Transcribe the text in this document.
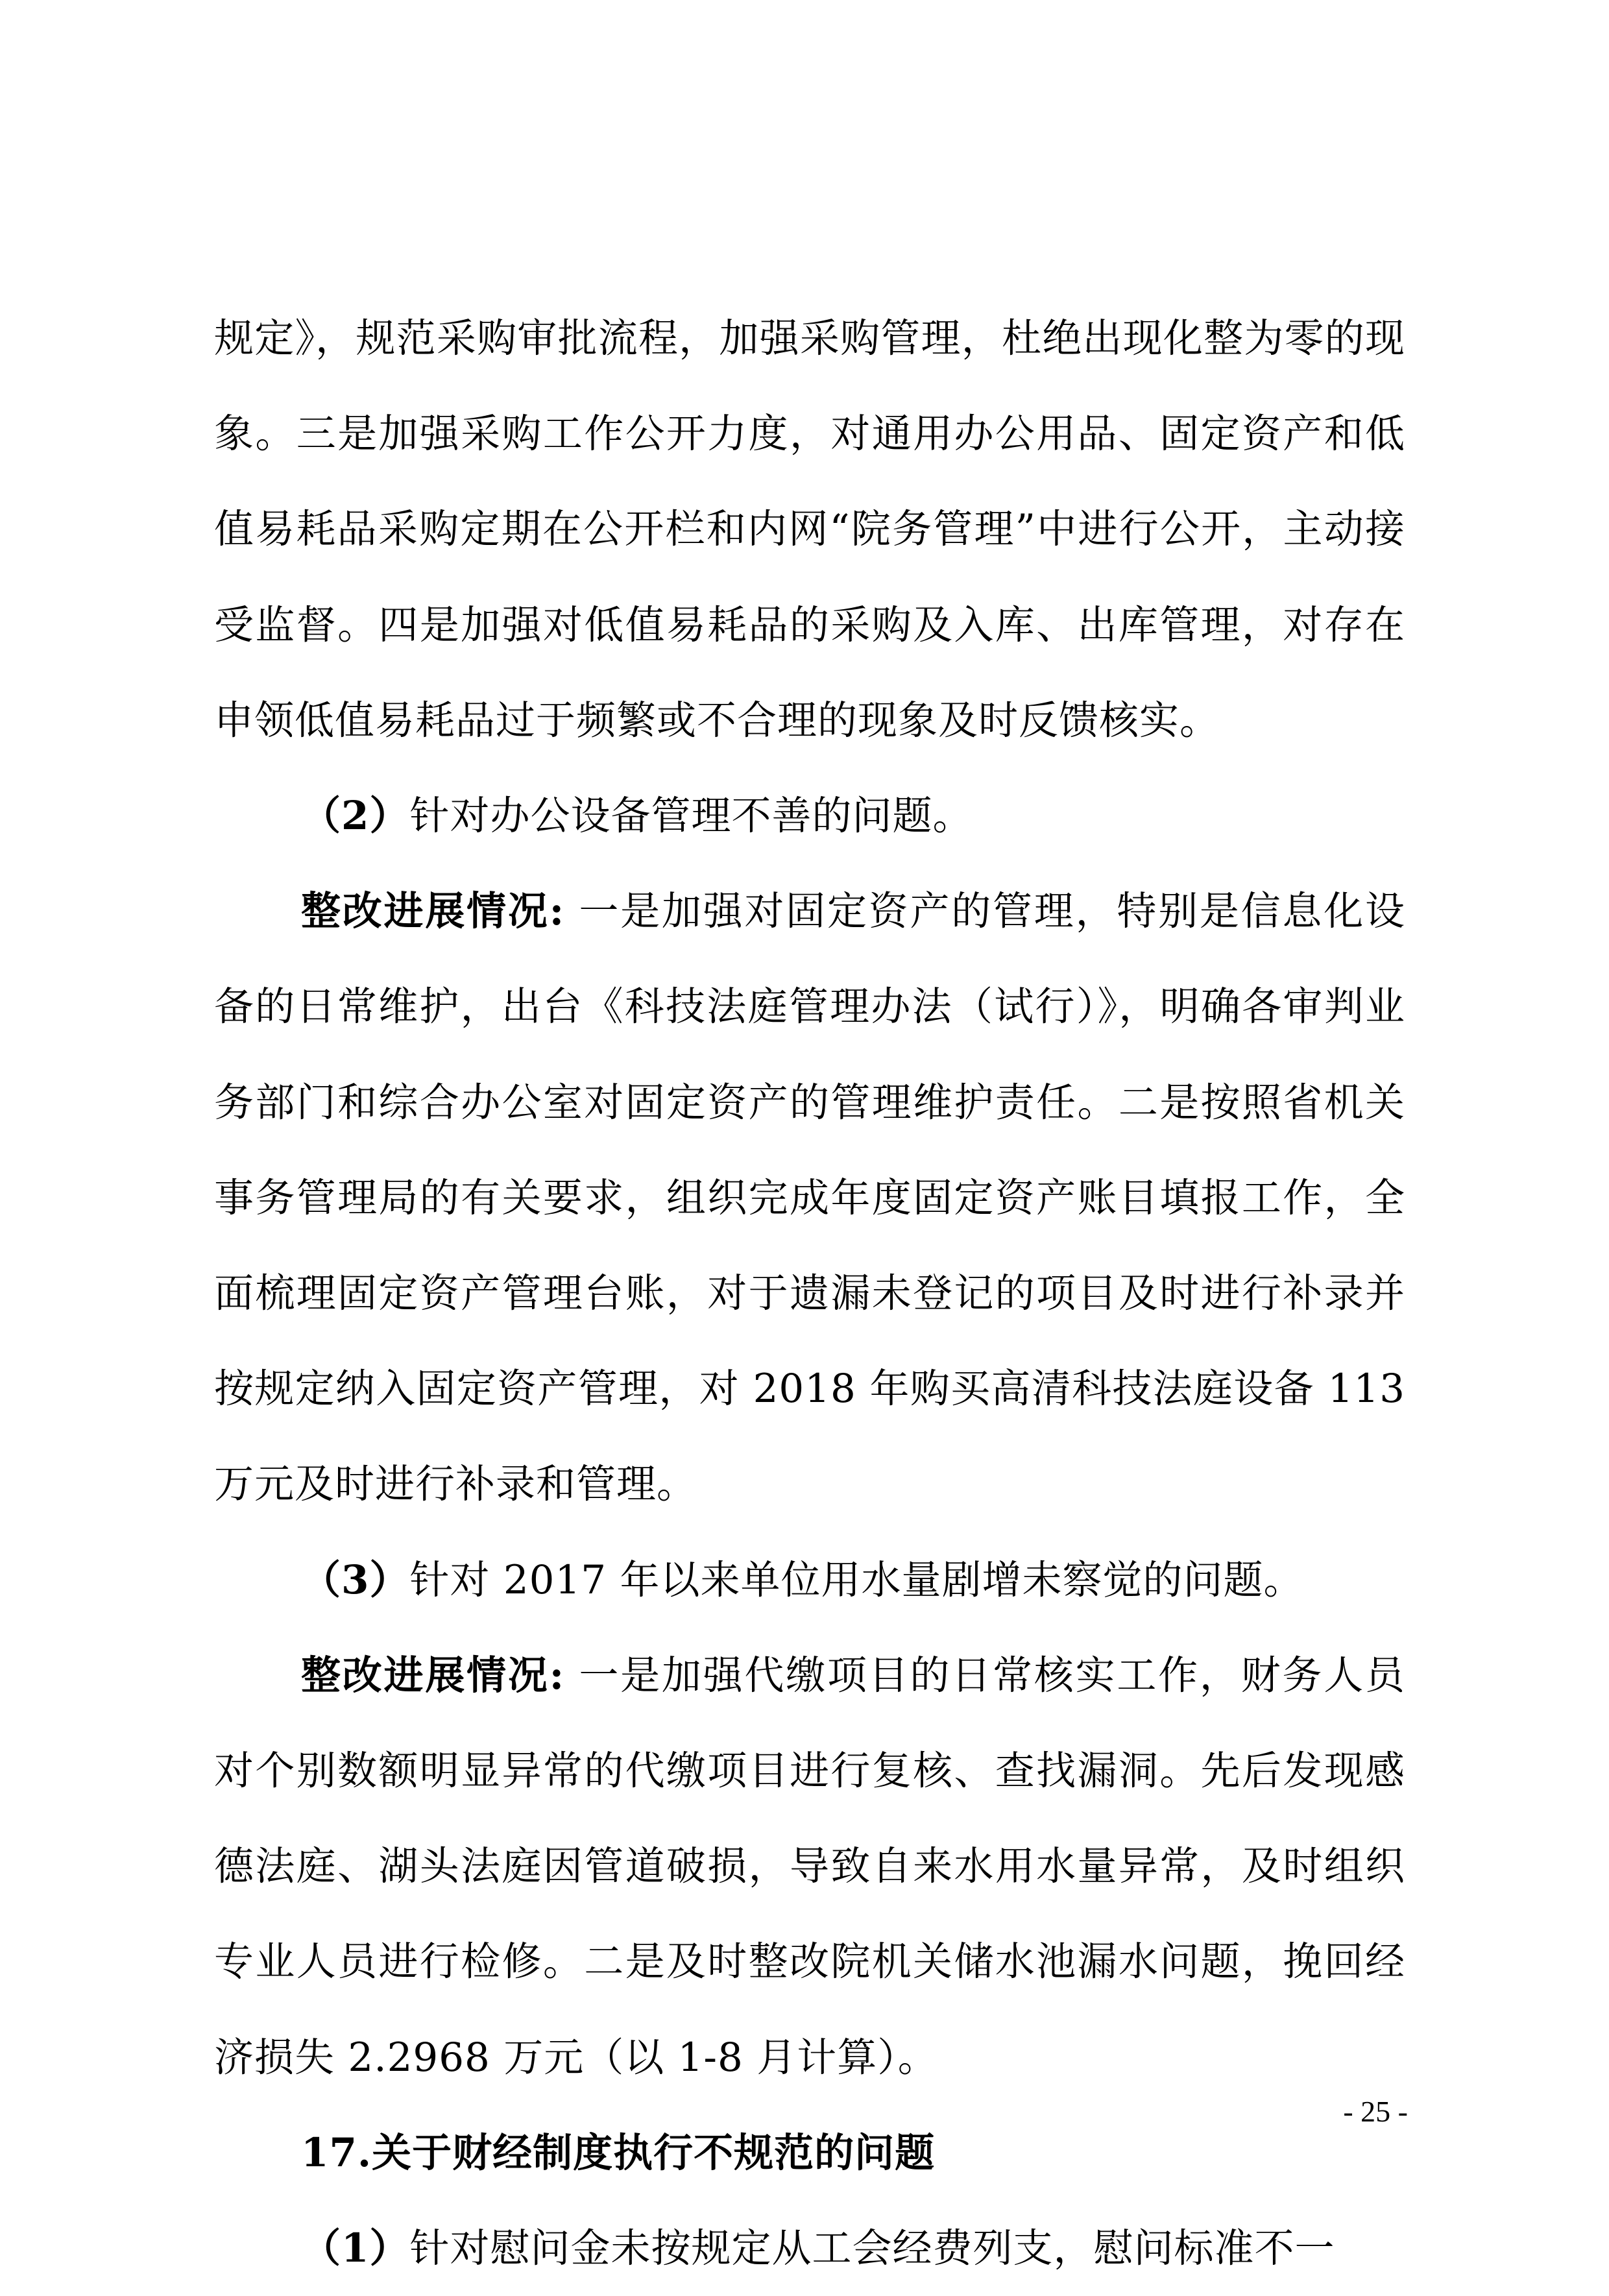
规定》，规范采购审批流程，加强采购管理，杜绝出现化整为零的现象。三是加强采购工作公开力度，对通用办公用品、固定资产和低值易耗品采购定期在公开栏和内网“院务管理”中进行公开，主动接受监督。四是加强对低值易耗品的采购及入库、出库管理，对存在申领低值易耗品过于频繁或不合理的现象及时反馈核实。

（2）针对办公设备管理不善的问题。

整改进展情况: 一是加强对固定资产的管理，特别是信息化设备的日常维护，出台《科技法庭管理办法（试行）》，明确各审判业务部门和综合办公室对固定资产的管理维护责任。二是按照省机关事务管理局的有关要求，组织完成年度固定资产账目填报工作，全面梳理固定资产管理台账，对于遗漏未登记的项目及时进行补录并按规定纳入固定资产管理，对 2018 年购买高清科技法庭设备 113 万元及时进行补录和管理。

（3）针对 2017 年以来单位用水量剧增未察觉的问题。

整改进展情况: 一是加强代缴项目的日常核实工作，财务人员对个别数额明显异常的代缴项目进行复核、查找漏洞。先后发现感德法庭、湖头法庭因管道破损，导致自来水用水量异常，及时组织专业人员进行检修。二是及时整改院机关储水池漏水问题，挽回经济损失 2.2968 万元（以 1-8 月计算）。

17.关于财经制度执行不规范的问题

（1）针对慰问金未按规定从工会经费列支，慰问标准不一

- 25 -
